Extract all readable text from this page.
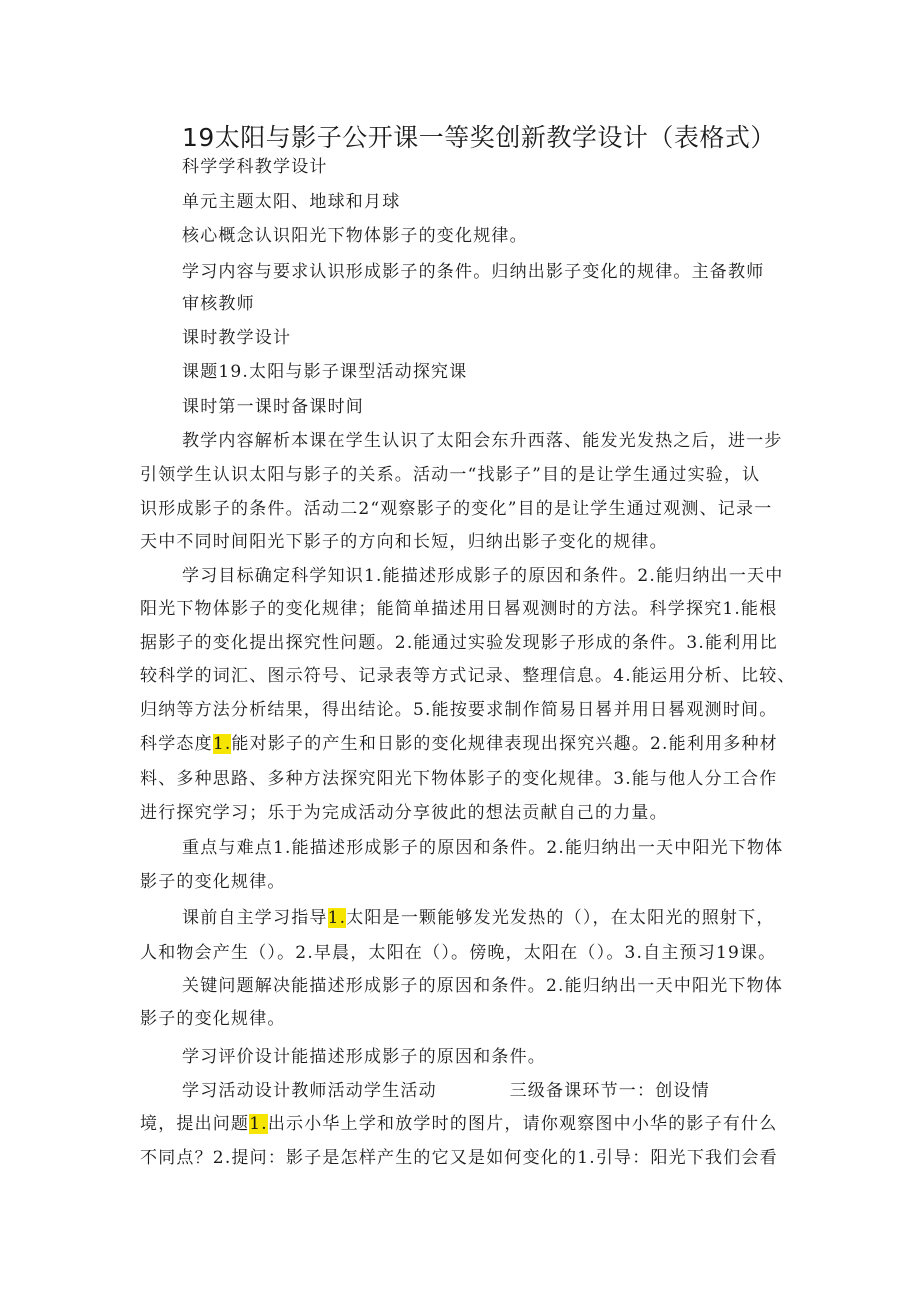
19太阳与影子公开课一等奖创新教学设计（表格式）
科学学科教学设计
单元主题太阳、地球和月球
核心概念认识阳光下物体影子的变化规律。
学习内容与要求认识形成影子的条件。归纳出影子变化的规律。主备教师
审核教师
课时教学设计
课题19.太阳与影子课型活动探究课
课时第一课时备课时间
教学内容解析本课在学生认识了太阳会东升西落、能发光发热之后，进一步
引领学生认识太阳与影子的关系。活动一“找影子”目的是让学生通过实验，认
识形成影子的条件。活动二2“观察影子的变化”目的是让学生通过观测、记录一
天中不同时间阳光下影子的方向和长短，归纳出影子变化的规律。
学习目标确定科学知识1.能描述形成影子的原因和条件。2.能归纳出一天中
阳光下物体影子的变化规律；能简单描述用日晷观测时的方法。科学探究1.能根
据影子的变化提出探究性问题。2.能通过实验发现影子形成的条件。3.能利用比
较科学的词汇、图示符号、记录表等方式记录、整理信息。4.能运用分析、比较、
归纳等方法分析结果，得出结论。5.能按要求制作简易日晷并用日晷观测时间。
科学态度1.能对影子的产生和日影的变化规律表现出探究兴趣。2.能利用多种材
料、多种思路、多种方法探究阳光下物体影子的变化规律。3.能与他人分工合作
进行探究学习；乐于为完成活动分享彼此的想法贡献自己的力量。
重点与难点1.能描述形成影子的原因和条件。2.能归纳出一天中阳光下物体
影子的变化规律。
课前自主学习指导1.太阳是一颗能够发光发热的（），在太阳光的照射下，
人和物会产生（）。2.早晨，太阳在（）。傍晚，太阳在（）。3.自主预习19课。
关键问题解决能描述形成影子的原因和条件。2.能归纳出一天中阳光下物体
影子的变化规律。
学习评价设计能描述形成影子的原因和条件。
学习活动设计教师活动学生活动　　　　三级备课环节一：创设情
境，提出问题1.出示小华上学和放学时的图片，请你观察图中小华的影子有什么
不同点？2.提问：影子是怎样产生的它又是如何变化的1.引导：阳光下我们会看
